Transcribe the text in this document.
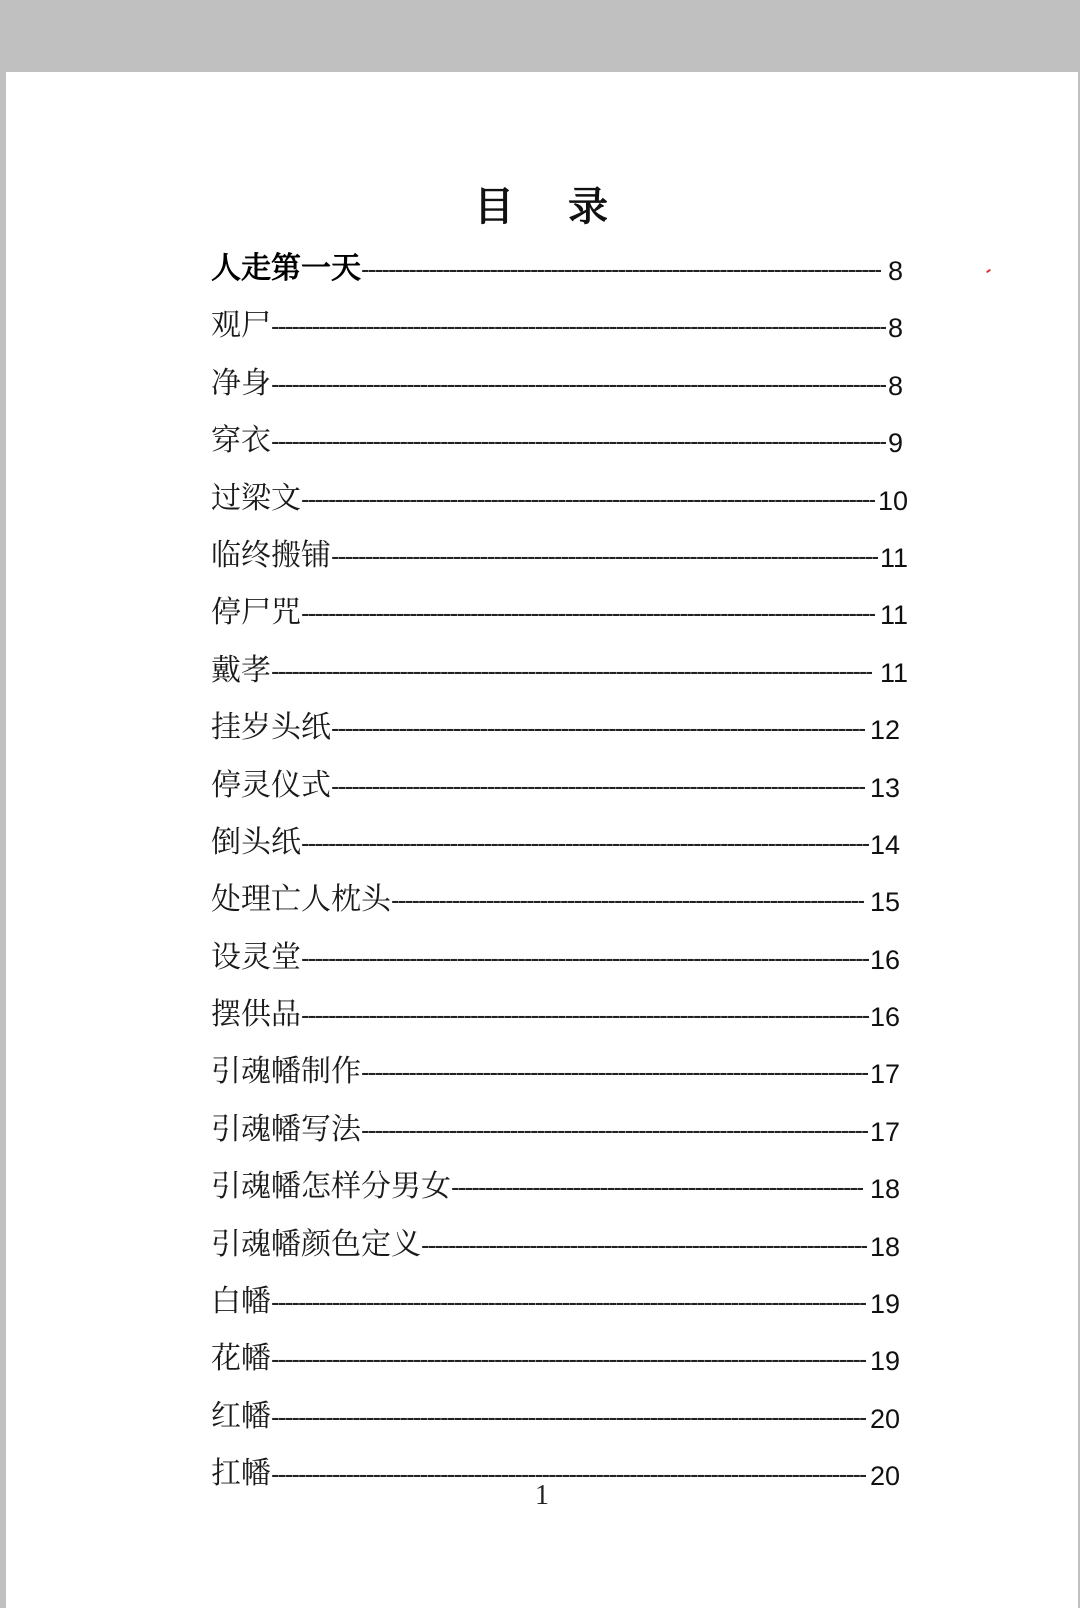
目 录
人走第一天----------------------------------------------------------------------------- 8
观尸------------------------------------------------------------------------------------------- 8
净身------------------------------------------------------------------------------------------- 8
穿衣------------------------------------------------------------------------------------------- 9
过梁文------------------------------------------------------------------------------------- 10
临终搬铺--------------------------------------------------------------------------------- 11
停尸咒------------------------------------------------------------------------------------- 11
戴孝----------------------------------------------------------------------------------------- 11
挂岁头纸------------------------------------------------------------------------------- 12
停灵仪式------------------------------------------------------------------------------- 13
倒头纸------------------------------------------------------------------------------------ 14
处理亡人枕头---------------------------------------------------------------------- 15
设灵堂------------------------------------------------------------------------------------ 16
摆供品------------------------------------------------------------------------------------ 16
引魂幡制作--------------------------------------------------------------------------- 17
引魂幡写法--------------------------------------------------------------------------- 17
引魂幡怎样分男女------------------------------------------------------------- 18
引魂幡颜色定义------------------------------------------------------------------ 18
白幡---------------------------------------------------------------------------------------- 19
花幡---------------------------------------------------------------------------------------- 19
红幡---------------------------------------------------------------------------------------- 20
扛幡---------------------------------------------------------------------------------------- 20
1
